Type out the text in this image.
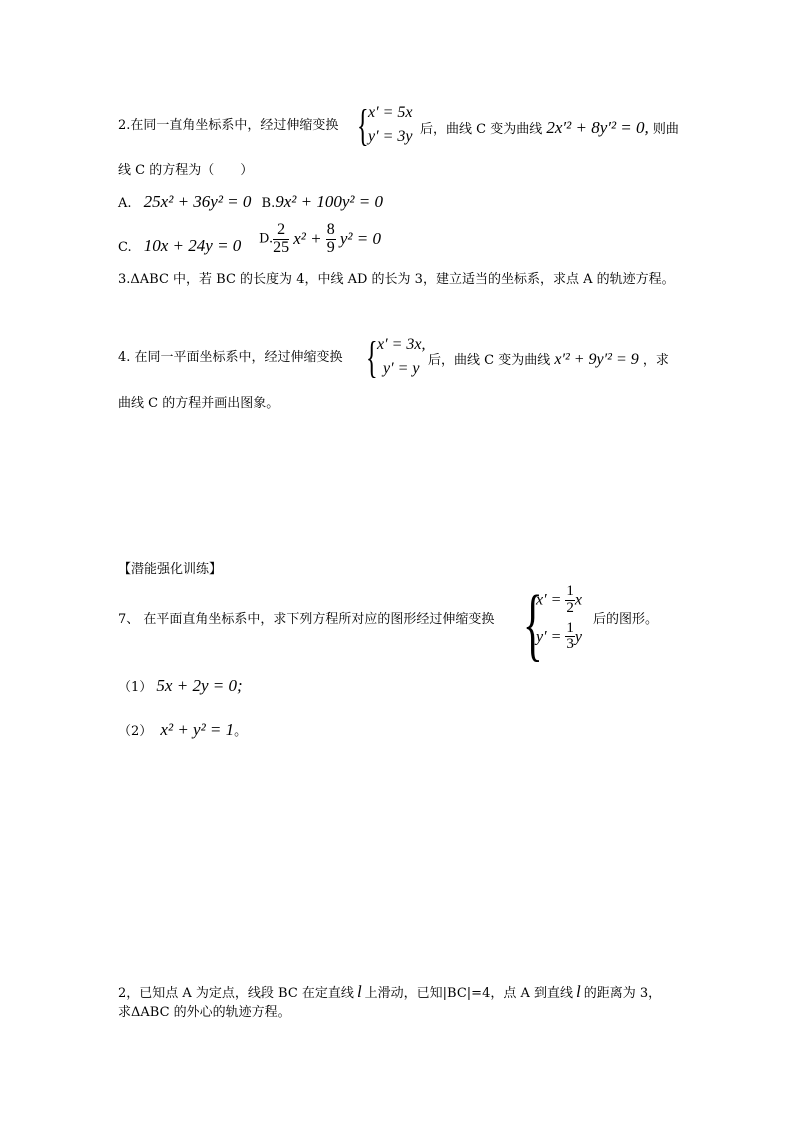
2.在同一直角坐标系中，经过伸缩变换 { x′ = 5x
y′ = 3y 后，曲线 C 变为曲线 2x′² + 8y′² = 0, 则曲
线 C 的方程为（　　）
A. 25x² + 36y² = 0 B.9x² + 100y² = 0
C. 10x + 24y = 0 D. $\frac{2}{25} x^2 + \frac{8}{9} y^2 = 0$
3.ΔABC 中，若 BC 的长度为 4，中线 AD 的长为 3，建立适当的坐标系，求点 A 的轨迹方程。
4. 在同一平面坐标系中，经过伸缩变换 { x′ = 3x,
y′ = y 后，曲线 C 变为曲线 x′² + 9y′² = 9 ，求
曲线 C 的方程并画出图象。
【潜能强化训练】
7、 在平面直角坐标系中，求下列方程所对应的图形经过伸缩变换 {
$x' = \frac{1}{2}$ x
$y' = \frac{1}{3}$ y
后的图形。
（1） 5x + 2y = 0;
（2） x² + y² = 1。
2，已知点 A 为定点，线段 BC 在定直线 l 上滑动，已知|BC|=4，点 A 到直线 l 的距离为 3，
求ΔABC 的外心的轨迹方程。
